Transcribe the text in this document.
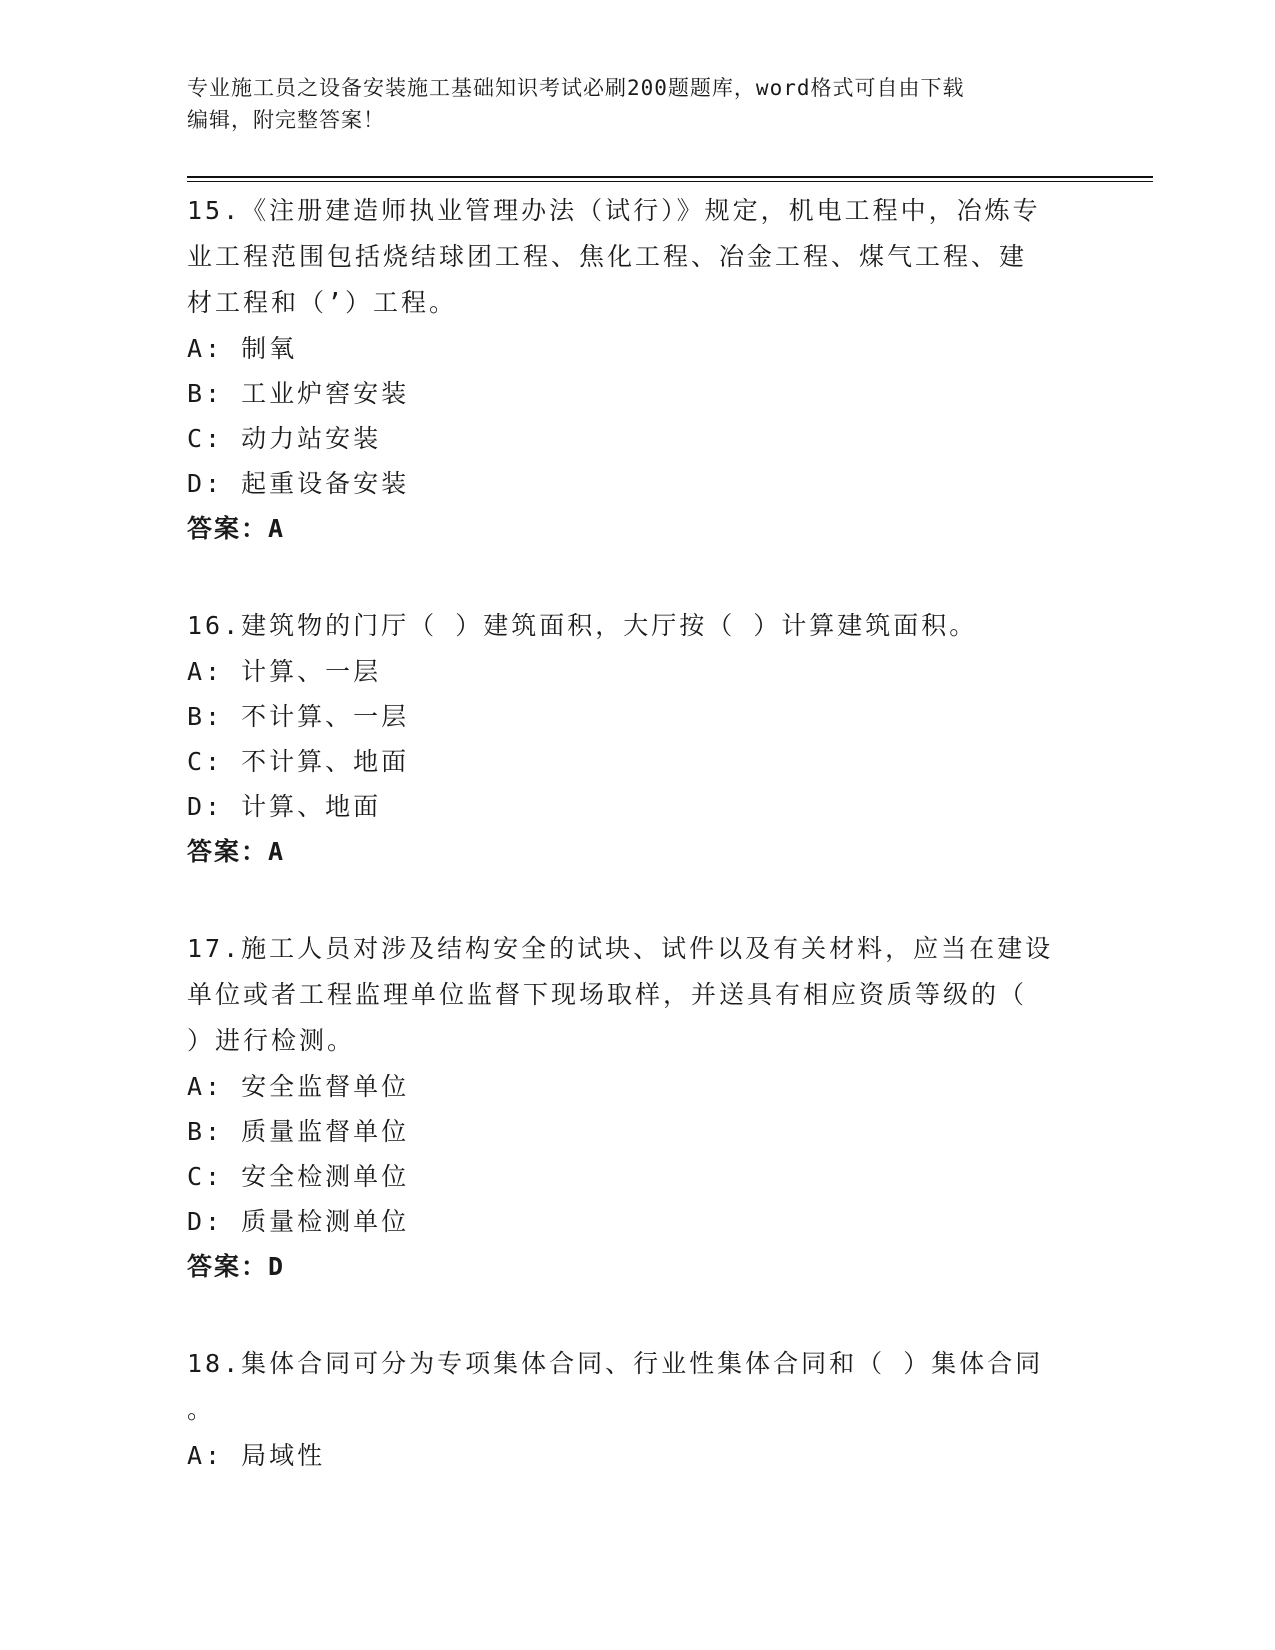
专业施工员之设备安装施工基础知识考试必刷200题题库，word格式可自由下载
编辑，附完整答案！
15.《注册建造师执业管理办法（试行）》规定，机电工程中，冶炼专
业工程范围包括烧结球团工程、焦化工程、冶金工程、煤气工程、建
材工程和（’）工程。
A: 制氧
B: 工业炉窖安装
C: 动力站安装
D: 起重设备安装
答案：A
16.建筑物的门厅（ ）建筑面积，大厅按（ ）计算建筑面积。
A: 计算、一层
B: 不计算、一层
C: 不计算、地面
D: 计算、地面
答案：A
17.施工人员对涉及结构安全的试块、试件以及有关材料，应当在建设
单位或者工程监理单位监督下现场取样，并送具有相应资质等级的（
）进行检测。
A: 安全监督单位
B: 质量监督单位
C: 安全检测单位
D: 质量检测单位
答案：D
18.集体合同可分为专项集体合同、行业性集体合同和（ ）集体合同
。
A: 局域性
